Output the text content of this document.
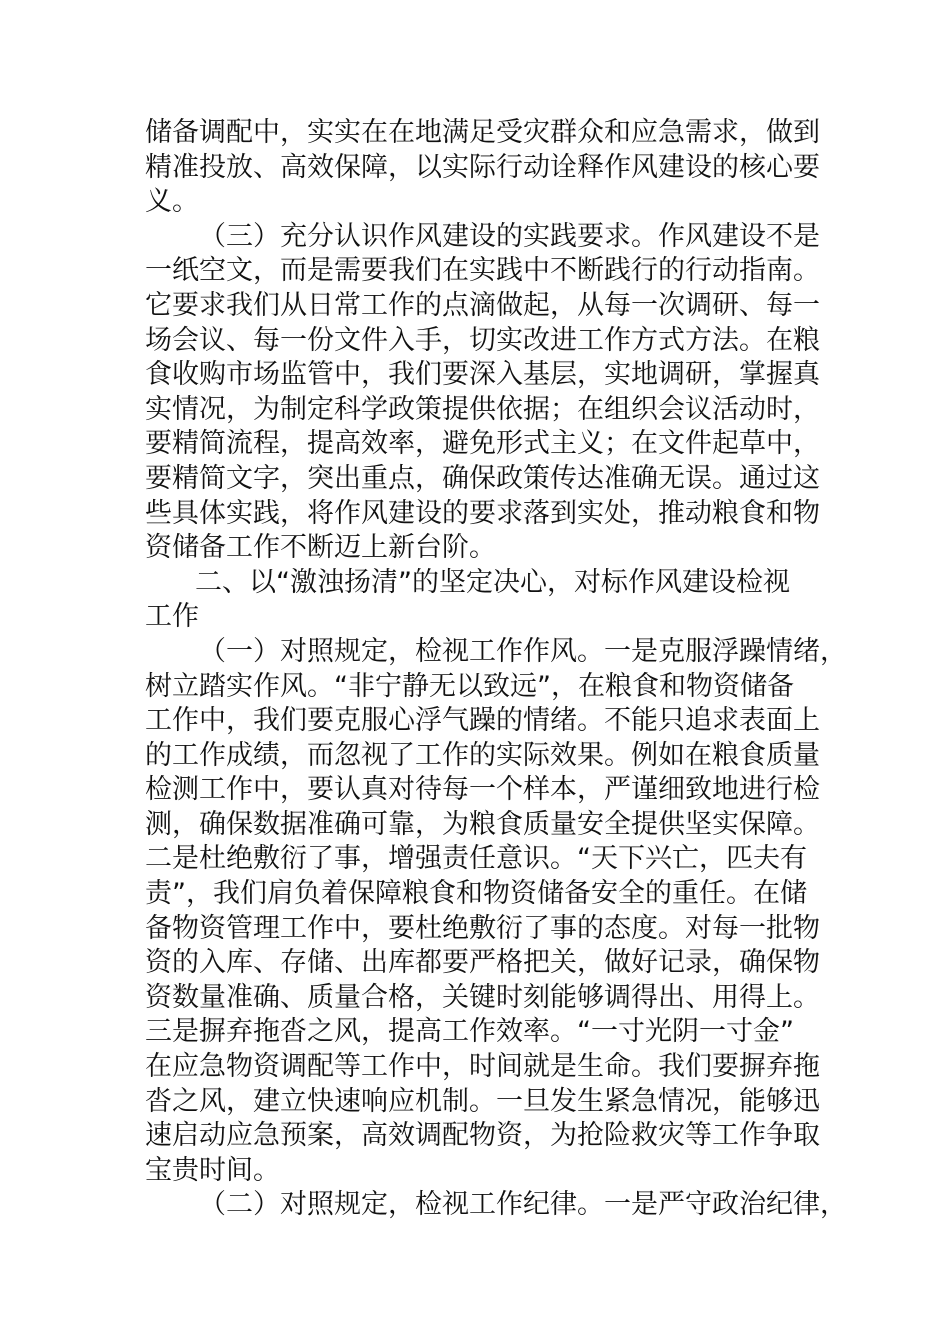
储备调配中，实实在在地满足受灾群众和应急需求，做到
精准投放、高效保障，以实际行动诠释作风建设的核心要
义。
（三）充分认识作风建设的实践要求。作风建设不是
一纸空文，而是需要我们在实践中不断践行的行动指南。
它要求我们从日常工作的点滴做起，从每一次调研、每一
场会议、每一份文件入手，切实改进工作方式方法。在粮
食收购市场监管中，我们要深入基层，实地调研，掌握真
实情况，为制定科学政策提供依据；在组织会议活动时，
要精简流程，提高效率，避免形式主义；在文件起草中，
要精简文字，突出重点，确保政策传达准确无误。通过这
些具体实践，将作风建设的要求落到实处，推动粮食和物
资储备工作不断迈上新台阶。
二、以“激浊扬清”的坚定决心，对标作风建设检视
工作
（一）对照规定，检视工作作风。一是克服浮躁情绪，
树立踏实作风。“非宁静无以致远”，在粮食和物资储备
工作中，我们要克服心浮气躁的情绪。不能只追求表面上
的工作成绩，而忽视了工作的实际效果。例如在粮食质量
检测工作中，要认真对待每一个样本，严谨细致地进行检
测，确保数据准确可靠，为粮食质量安全提供坚实保障。
二是杜绝敷衍了事，增强责任意识。“天下兴亡，匹夫有
责”，我们肩负着保障粮食和物资储备安全的重任。在储
备物资管理工作中，要杜绝敷衍了事的态度。对每一批物
资的入库、存储、出库都要严格把关，做好记录，确保物
资数量准确、质量合格，关键时刻能够调得出、用得上。
三是摒弃拖沓之风，提高工作效率。“一寸光阴一寸金”
在应急物资调配等工作中，时间就是生命。我们要摒弃拖
沓之风，建立快速响应机制。一旦发生紧急情况，能够迅
速启动应急预案，高效调配物资，为抢险救灾等工作争取
宝贵时间。
（二）对照规定，检视工作纪律。一是严守政治纪律，
